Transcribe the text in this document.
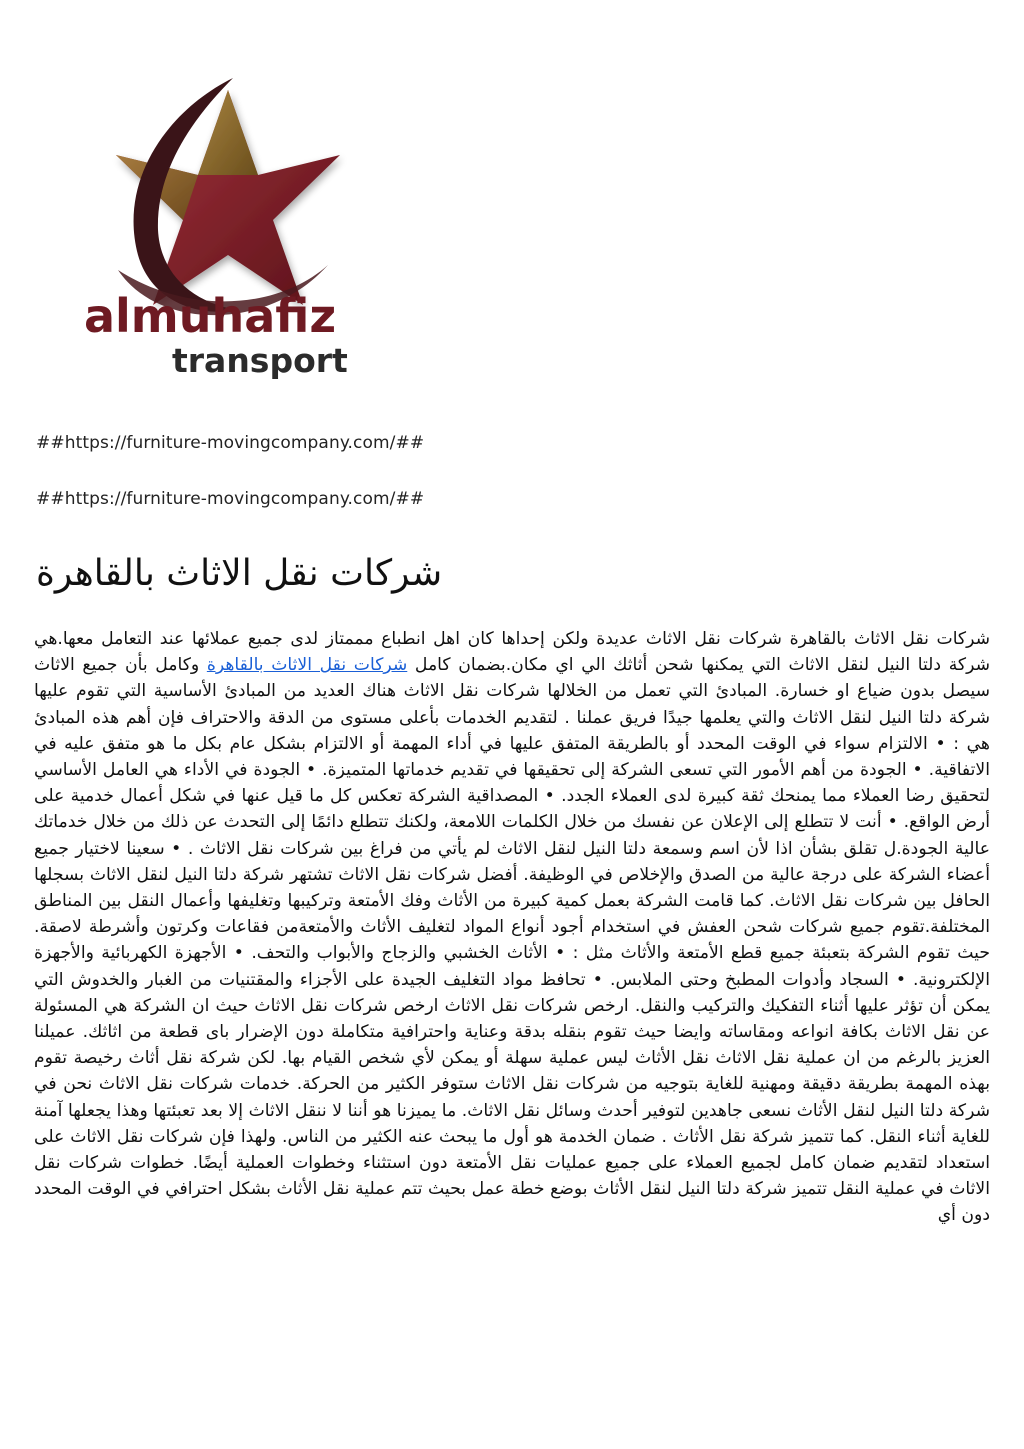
almuhafiz
transport
##https://furniture-movingcompany.com/##
##https://furniture-movingcompany.com/##
شركات نقل الاثاث بالقاهرة

شركات نقل الاثاث بالقاهرة شركات نقل الاثاث عديدة ولكن إحداها كان اهل انطباع مممتاز لدى جميع عملائها عند التعامل معها.هي شركة دلتا النيل لنقل الاثاث التي يمكنها شحن أثاثك الي اي مكان.بضمان كامل شركات نقل الاثاث بالقاهرة وكامل بأن جميع الاثاث سيصل بدون ضياع او خسارة. المبادئ التي تعمل من الخلالها شركات نقل الاثاث هناك العديد من المبادئ الأساسية التي تقوم عليها شركة دلتا النيل لنقل الاثاث والتي يعلمها جيدًا فريق عملنا . لتقديم الخدمات بأعلى مستوى من الدقة والاحتراف فإن أهم هذه المبادئ هي : • الالتزام سواء في الوقت المحدد أو بالطريقة المتفق عليها في أداء المهمة أو الالتزام بشكل عام بكل ما هو متفق عليه في الاتفاقية. • الجودة من أهم الأمور التي تسعى الشركة إلى تحقيقها في تقديم خدماتها المتميزة. • الجودة في الأداء هي العامل الأساسي لتحقيق رضا العملاء مما يمنحك ثقة كبيرة لدى العملاء الجدد. • المصداقية الشركة تعكس كل ما قيل عنها في شكل أعمال خدمية على أرض الواقع. • أنت لا تتطلع إلى الإعلان عن نفسك من خلال الكلمات اللامعة، ولكنك تتطلع دائمًا إلى التحدث عن ذلك من خلال خدماتك عالية الجودة.ل تقلق بشأن اذا لأن اسم وسمعة دلتا النيل لنقل الاثاث لم يأتي من فراغ بين شركات نقل الاثاث . • سعينا لاختيار جميع أعضاء الشركة على درجة عالية من الصدق والإخلاص في الوظيفة. أفضل شركات نقل الاثاث تشتهر شركة دلتا النيل لنقل الاثاث بسجلها الحافل بين شركات نقل الاثاث. كما قامت الشركة بعمل كمية كبيرة من الأثاث وفك الأمتعة وتركيبها وتغليفها وأعمال النقل بين المناطق المختلفة.تقوم جميع شركات شحن العفش في استخدام أجود أنواع المواد لتغليف الأثاث والأمتعةمن فقاعات وكرتون وأشرطة لاصقة. حيث تقوم الشركة بتعبئة جميع قطع الأمتعة والأثاث مثل : • الأثاث الخشبي والزجاج والأبواب والتحف. • الأجهزة الكهربائية والأجهزة الإلكترونية. • السجاد وأدوات المطبخ وحتى الملابس. • تحافظ مواد التغليف الجيدة على الأجزاء والمقتنيات من الغبار والخدوش التي يمكن أن تؤثر عليها أثناء التفكيك والتركيب والنقل. ارخص شركات نقل الاثاث ارخص شركات نقل الاثاث حيث ان الشركة هي المسئولة عن نقل الاثاث بكافة انواعه ومقاساته وايضا حيث تقوم بنقله بدقة وعناية واحترافية متكاملة دون الإضرار باى قطعة من اثاثك. عميلنا العزيز بالرغم من ان عملية نقل الاثاث نقل الأثاث ليس عملية سهلة أو يمكن لأي شخص القيام بها. لكن شركة نقل أثاث رخيصة تقوم بهذه المهمة بطريقة دقيقة ومهنية للغاية بتوجيه من شركات نقل الاثاث ستوفر الكثير من الحركة. خدمات شركات نقل الاثاث نحن في شركة دلتا النيل لنقل الأثاث نسعى جاهدين لتوفير أحدث وسائل نقل الاثاث. ما يميزنا هو أننا لا ننقل الاثاث إلا بعد تعبئتها وهذا يجعلها آمنة للغاية أثناء النقل. كما تتميز شركة نقل الأثاث . ضمان الخدمة هو أول ما يبحث عنه الكثير من الناس. ولهذا فإن شركات نقل الاثاث على استعداد لتقديم ضمان كامل لجميع العملاء على جميع عمليات نقل الأمتعة دون استثناء وخطوات العملية أيضًا. خطوات شركات نقل الاثاث في عملية النقل تتميز شركة دلتا النيل لنقل الأثاث بوضع خطة عمل بحيث تتم عملية نقل الأثاث بشكل احترافي في الوقت المحدد دون أي
